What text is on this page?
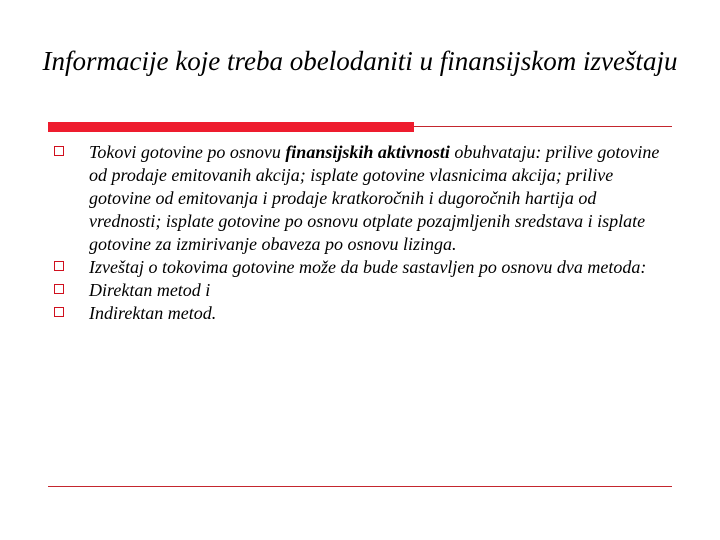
Informacije koje treba obelodaniti u finansijskom izveštaju
Tokovi gotovine po osnovu finansijskih aktivnosti obuhvataju: prilive gotovine od prodaje emitovanih akcija; isplate gotovine vlasnicima akcija; prilive gotovine od emitovanja i prodaje kratkoročnih i dugoročnih hartija od vrednosti; isplate gotovine po osnovu otplate pozajmljenih sredstava i isplate gotovine za izmirivanje obaveza po osnovu lizinga.
Izveštaj o tokovima gotovine može da bude sastavljen po osnovu dva metoda:
Direktan metod i
Indirektan metod.
